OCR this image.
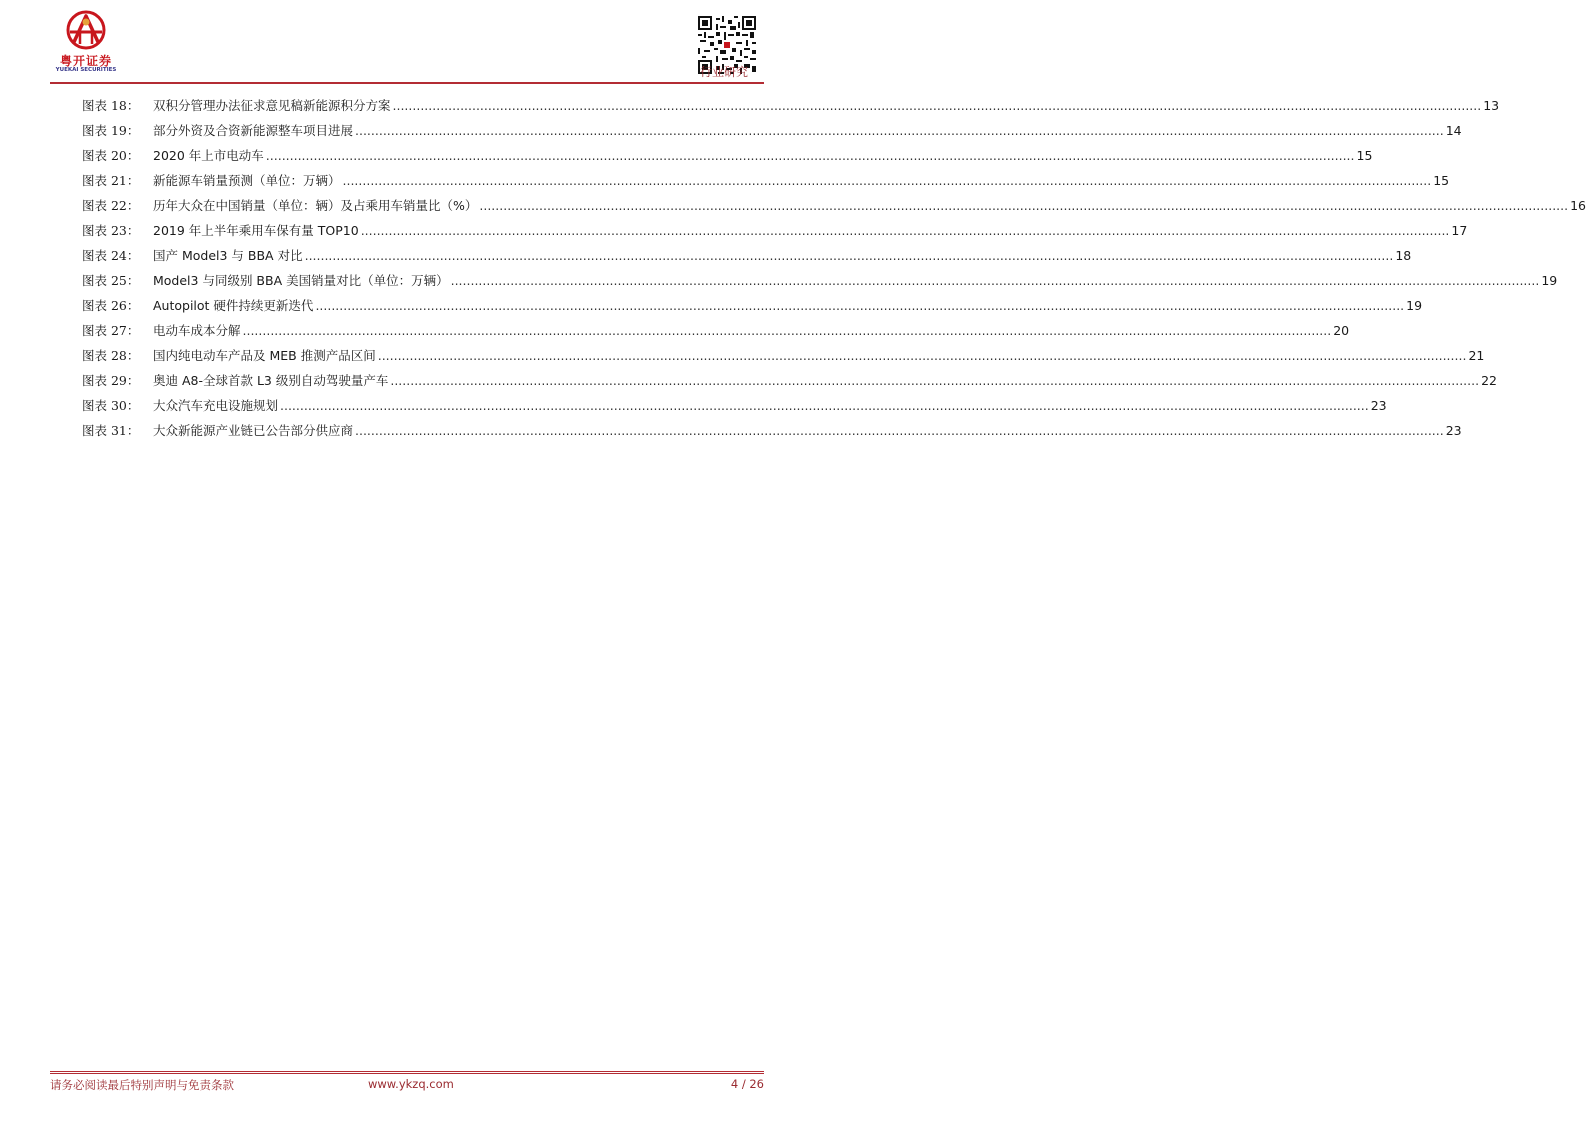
粤开证券
YUEKAI SECURITIES	行业研究
图表 18：	双积分管理办法征求意见稿新能源积分方案 .....	13
图表 19：	部分外资及合资新能源整车项目进展 .....	14
图表 20：	2020 年上市电动车 .....	15
图表 21：	新能源车销量预测（单位：万辆） .....	15
图表 22：	历年大众在中国销量（单位：辆）及占乘用车销量比（%） .....	16
图表 23：	2019 年上半年乘用车保有量 TOP10 .....	17
图表 24：	国产 Model3 与 BBA 对比 .....	18
图表 25：	Model3 与同级别 BBA 美国销量对比（单位：万辆） .....	19
图表 26：	Autopilot 硬件持续更新迭代 .....	19
图表 27：	电动车成本分解 .....	20
图表 28：	国内纯电动车产品及 MEB 推测产品区间 .....	21
图表 29：	奥迪 A8-全球首款 L3 级别自动驾驶量产车 .....	22
图表 30：	大众汽车充电设施规划 .....	23
图表 31：	大众新能源产业链已公告部分供应商 .....	23
请务必阅读最后特别声明与免责条款	www.ykzq.com	4 / 26
